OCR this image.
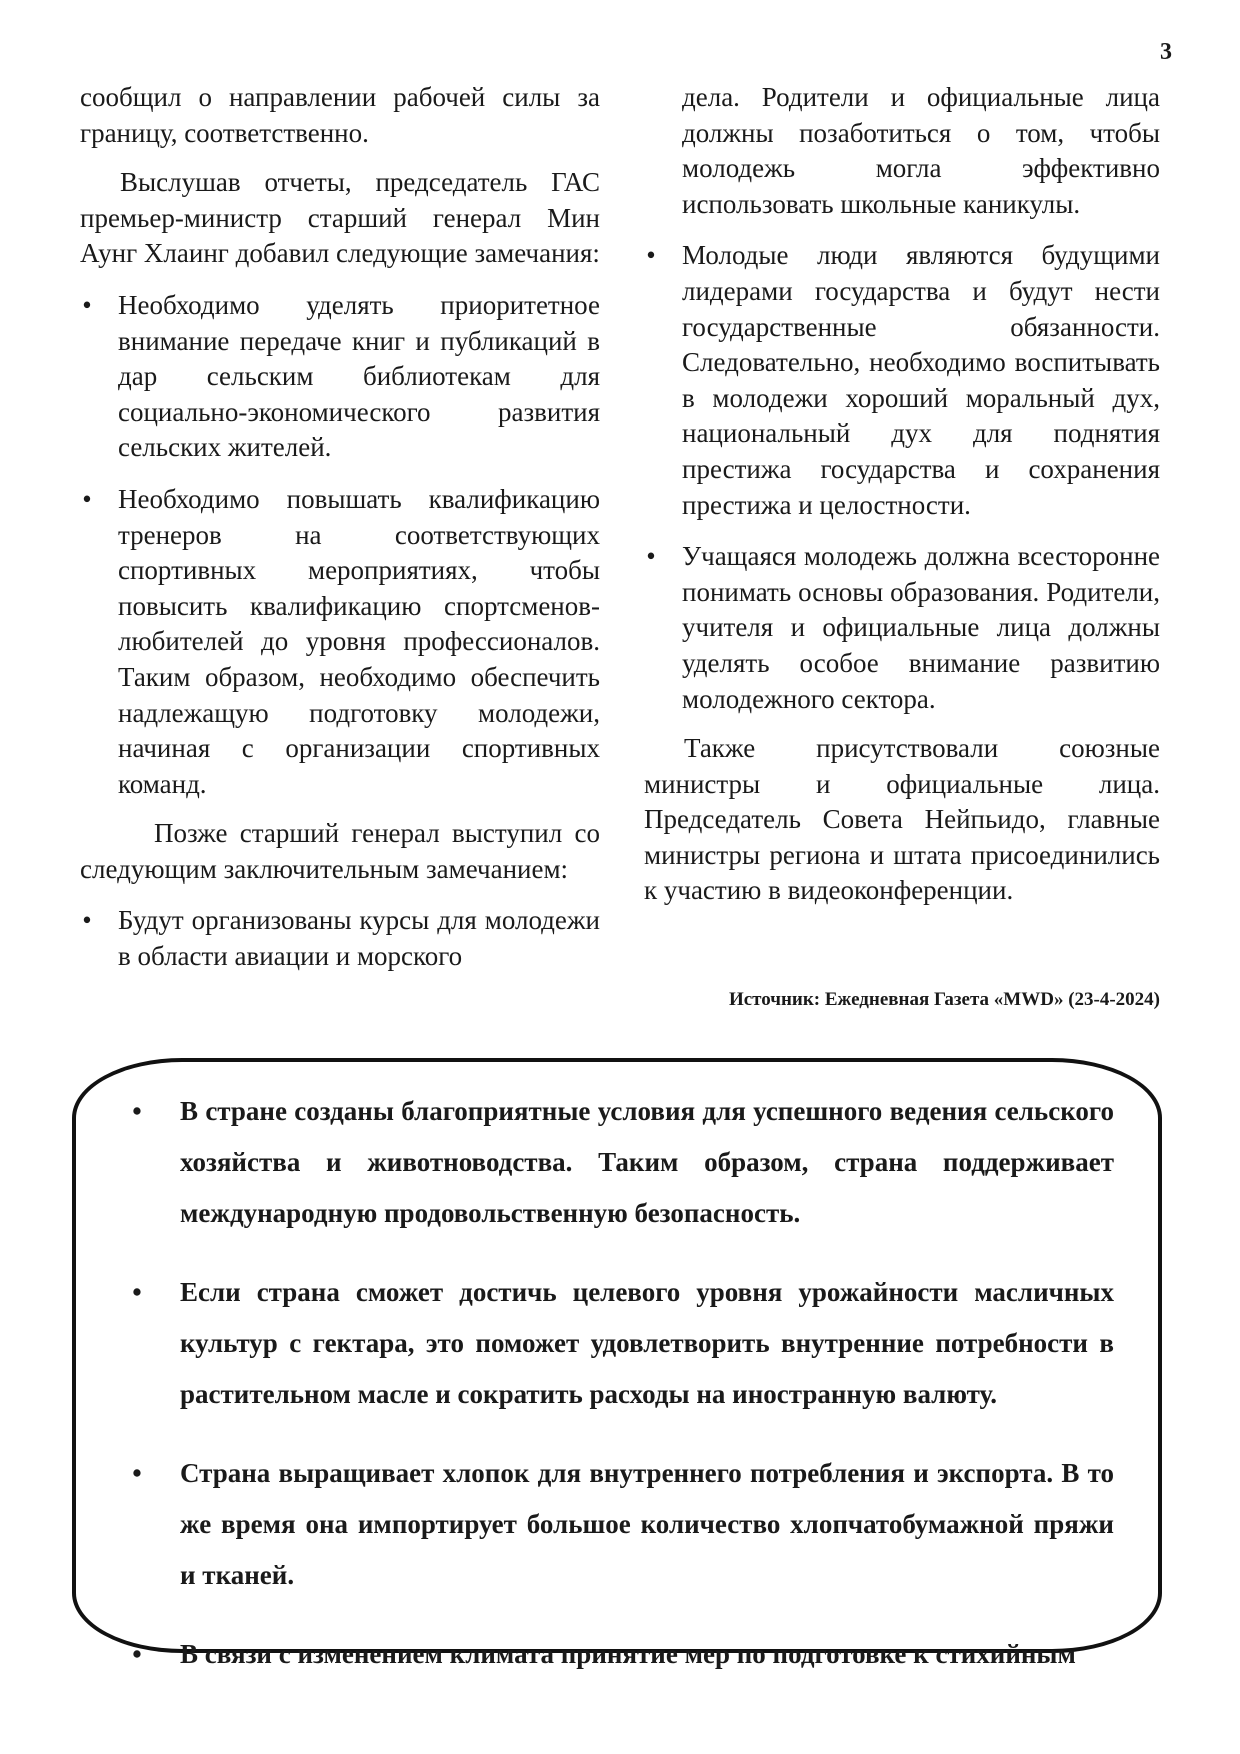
3

сообщил о направлении рабочей силы за границу, соответственно.

Выслушав отчеты, председатель ГАС премьер-министр старший генерал Мин Аунг Хлаинг добавил следующие замечания:

• Необходимо уделять приоритетное внимание передаче книг и публикаций в дар сельским библиотекам для социально-экономического развития сельских жителей.
• Необходимо повышать квалификацию тренеров на соответствующих спортивных мероприятиях, чтобы повысить квалификацию спортсменов-любителей до уровня профессионалов. Таким образом, необходимо обеспечить надлежащую подготовку молодежи, начиная с организации спортивных команд.

Позже старший генерал выступил со следующим заключительным замечанием:

• Будут организованы курсы для молодежи в области авиации и морского

дела. Родители и официальные лица должны позаботиться о том, чтобы молодежь могла эффективно использовать школьные каникулы.

• Молодые люди являются будущими лидерами государства и будут нести государственные обязанности. Следовательно, необходимо воспитывать в молодежи хороший моральный дух, национальный дух для поднятия престижа государства и сохранения престижа и целостности.
• Учащаяся молодежь должна всесторонне понимать основы образования. Родители, учителя и официальные лица должны уделять особое внимание развитию молодежного сектора.

Также присутствовали союзные министры и официальные лица. Председатель Совета Нейпьидо, главные министры региона и штата присоединились к участию в видеоконференции.

Источник: Ежедневная Газета «MWD» (23-4-2024)
• В стране созданы благоприятные условия для успешного ведения сельского хозяйства и животноводства. Таким образом, страна поддерживает международную продовольственную безопасность.
• Если страна сможет достичь целевого уровня урожайности масличных культур с гектара, это поможет удовлетворить внутренние потребности в растительном масле и сократить расходы на иностранную валюту.
• Страна выращивает хлопок для внутреннего потребления и экспорта. В то же время она импортирует большое количество хлопчатобумажной пряжи и тканей.
• В связи с изменением климата принятие мер по подготовке к стихийным
